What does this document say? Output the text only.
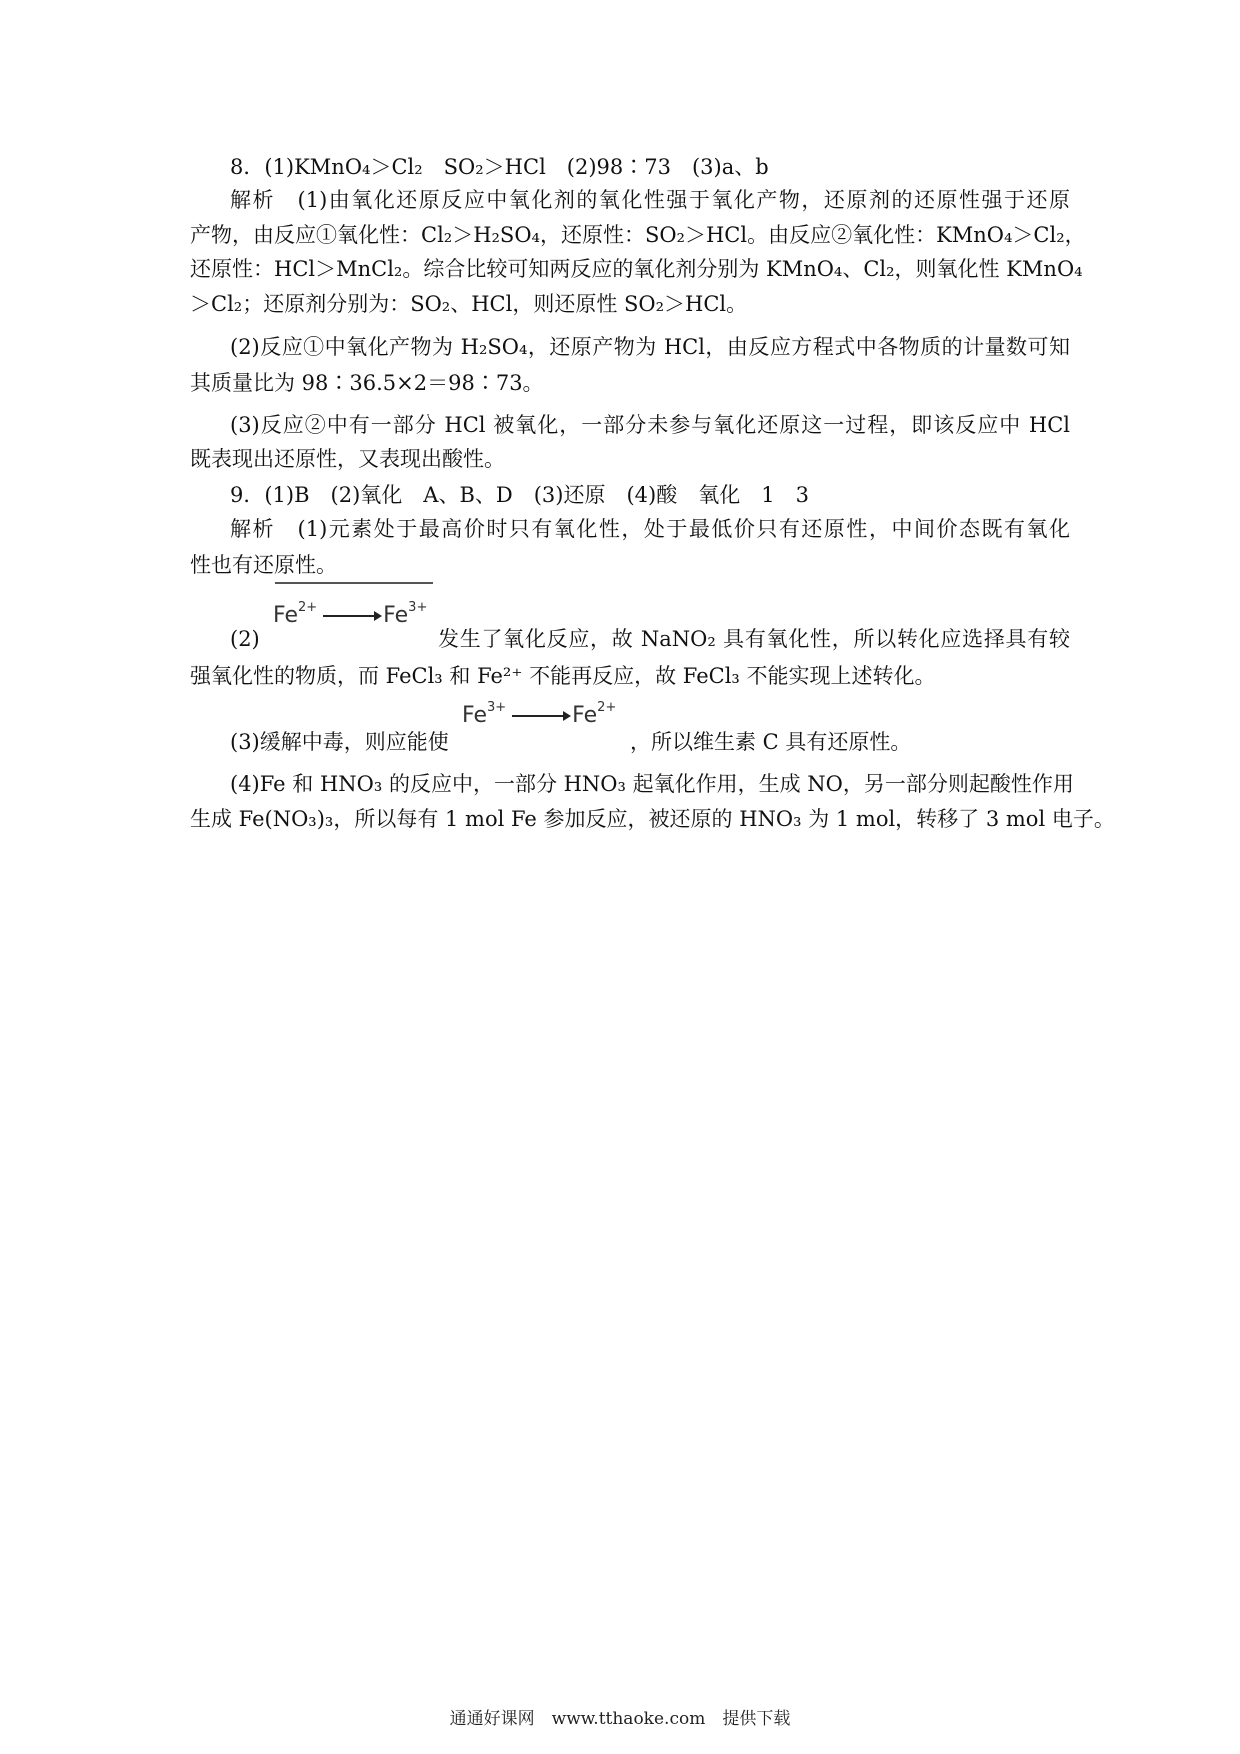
8．(1)KMnO₄＞Cl₂　SO₂＞HCl　(2)98∶73　(3)a、b
解析　(1)由氧化还原反应中氧化剂的氧化性强于氧化产物，还原剂的还原性强于还原
产物，由反应①氧化性：Cl₂＞H₂SO₄，还原性：SO₂＞HCl。由反应②氧化性：KMnO₄＞Cl₂，
还原性：HCl＞MnCl₂。综合比较可知两反应的氧化剂分别为 KMnO₄、Cl₂，则氧化性 KMnO₄
＞Cl₂；还原剂分别为：SO₂、HCl，则还原性 SO₂＞HCl。
(2)反应①中氧化产物为 H₂SO₄，还原产物为 HCl，由反应方程式中各物质的计量数可知
其质量比为 98∶36.5×2＝98∶73。
(3)反应②中有一部分 HCl 被氧化，一部分未参与氧化还原这一过程，即该反应中 HCl
既表现出还原性，又表现出酸性。
9．(1)B　(2)氧化　A、B、D　(3)还原　(4)酸　氧化　1　3
解析　(1)元素处于最高价时只有氧化性，处于最低价只有还原性，中间价态既有氧化
性也有还原性。
(2)
$Fe^{2+} \to Fe^{3+}$
发生了氧化反应，故 NaNO₂ 具有氧化性，所以转化应选择具有较
强氧化性的物质，而 FeCl₃ 和 Fe²⁺ 不能再反应，故 FeCl₃ 不能实现上述转化。
(3)缓解中毒，则应能使
$Fe^{3+} \to Fe^{2+}$
，所以维生素 C 具有还原性。
(4)Fe 和 HNO₃ 的反应中，一部分 HNO₃ 起氧化作用，生成 NO，另一部分则起酸性作用
生成 Fe(NO₃)₃，所以每有 1 mol Fe 参加反应，被还原的 HNO₃ 为 1 mol，转移了 3 mol 电子。
通通好课网　www.tthaoke.com　提供下载
